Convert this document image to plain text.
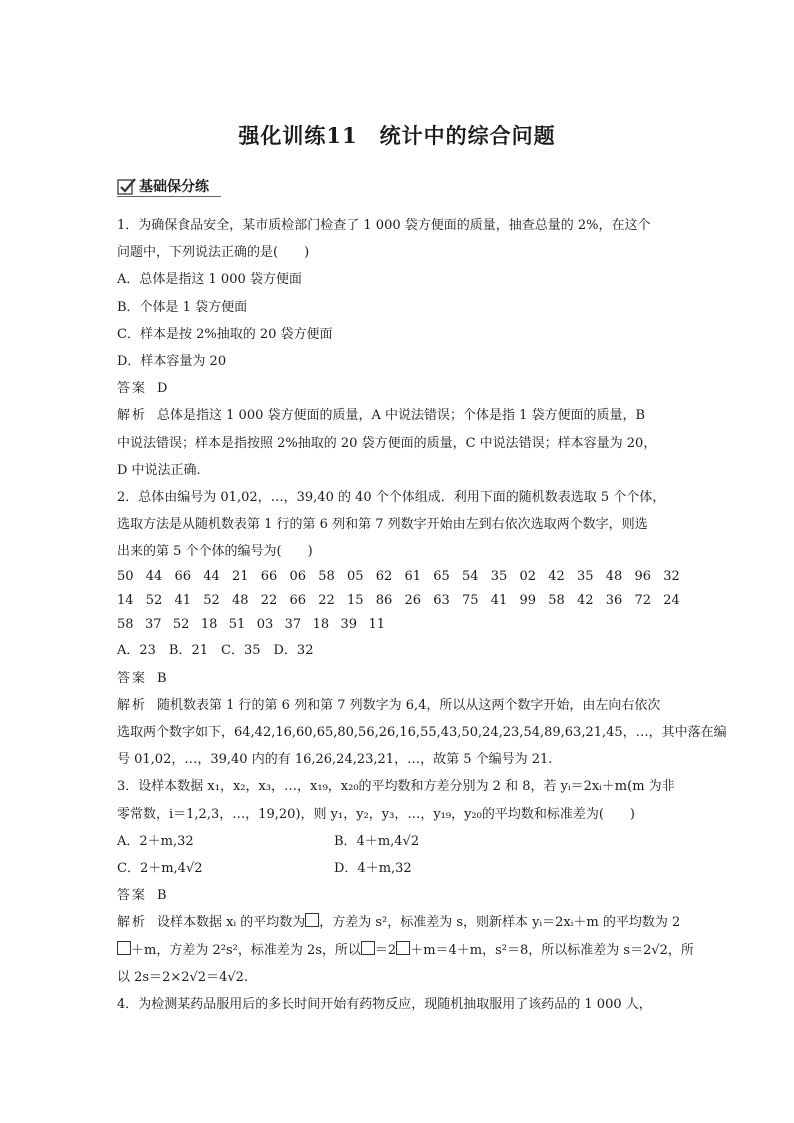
强化训练11　统计中的综合问题
基础保分练
1．为确保食品安全，某市质检部门检查了 1 000 袋方便面的质量，抽查总量的 2%，在这个
问题中，下列说法正确的是(　　)
A．总体是指这 1 000 袋方便面
B．个体是 1 袋方便面
C．样本是按 2%抽取的 20 袋方便面
D．样本容量为 20
答案 D
解析 总体是指这 1 000 袋方便面的质量，A 中说法错误；个体是指 1 袋方便面的质量，B
中说法错误；样本是指按照 2%抽取的 20 袋方便面的质量，C 中说法错误；样本容量为 20，
D 中说法正确.
2．总体由编号为 01,02，…，39,40 的 40 个个体组成．利用下面的随机数表选取 5 个个体，
选取方法是从随机数表第 1 行的第 6 列和第 7 列数字开始由左到右依次选取两个数字，则选
出来的第 5 个个体的编号为(　　)
50 44 66 44 21 66 06 58 05 62 61 65 54 35 02 42 35 48 96 32
14 52 41 52 48 22 66 22 15 86 26 63 75 41 99 58 42 36 72 24
58 37 52 18 51 03 37 18 39 11
A．23　B．21　C．35　D．32
答案 B
解析 随机数表第 1 行的第 6 列和第 7 列数字为 6,4，所以从这两个数字开始，由左向右依次
选取两个数字如下，64,42,16,60,65,80,56,26,16,55,43,50,24,23,54,89,63,21,45，…，其中落在编
号 01,02，…，39,40 内的有 16,26,24,23,21，…，故第 5 个编号为 21.
3．设样本数据 x₁，x₂，x₃，…，x₁₉，x₂₀的平均数和方差分别为 2 和 8，若 yᵢ＝2xᵢ＋m(m 为非
零常数，i＝1,2,3，…，19,20)，则 y₁，y₂，y₃，…，y₁₉，y₂₀的平均数和标准差为(　　)
A．2＋m,32	B．4＋m,4√2
C．2＋m,4√2	D．4＋m,32
答案 B
解析 设样本数据 xᵢ 的平均数为 ，方差为 s²，标准差为 s，则新样本 yᵢ＝2xᵢ＋m 的平均数为 2
＋m，方差为 2²s²，标准差为 2s，所以 ＝2 ＋m＝4＋m，s²＝8，所以标准差为 s＝2√2，所
以 2s＝2×2√2＝4√2.
4．为检测某药品服用后的多长时间开始有药物反应，现随机抽取服用了该药品的 1 000 人，
